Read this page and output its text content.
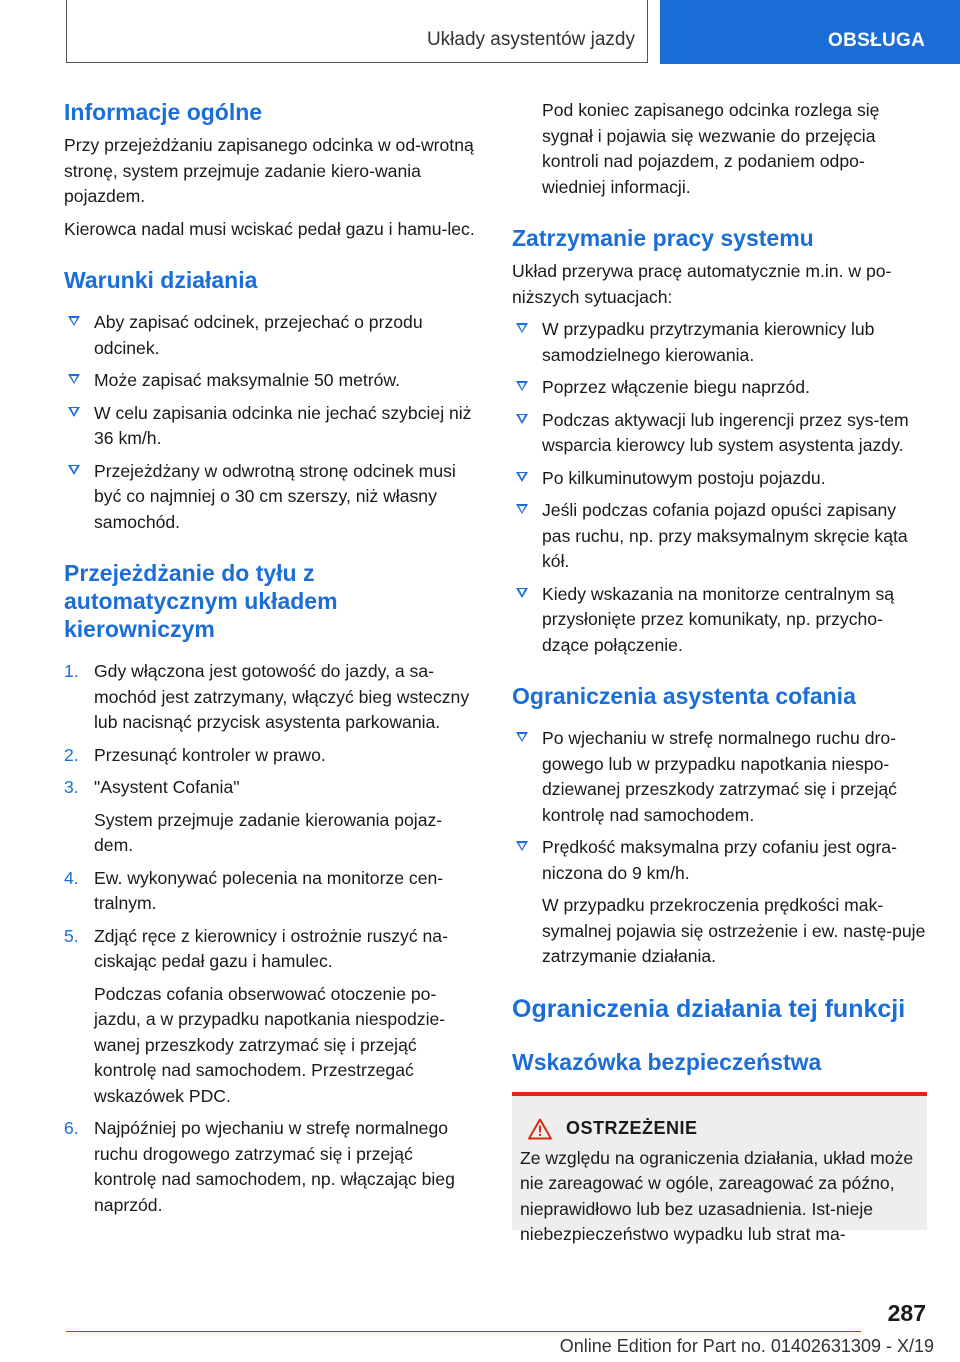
Układy asystentów jazdy	OBSŁUGA
Informacje ogólne

Przy przejeżdżaniu zapisanego odcinka w od-wrotną stronę, system przejmuje zadanie kiero-wania pojazdem.

Kierowca nadal musi wciskać pedał gazu i hamu-lec.

Warunki działania
Aby zapisać odcinek, przejechać o przodu odcinek.
Może zapisać maksymalnie 50 metrów.
W celu zapisania odcinka nie jechać szybciej niż 36 km/h.
Przejeżdżany w odwrotną stronę odcinek musi być co najmniej o 30 cm szerszy, niż własny samochód.
Przejeżdżanie do tyłu z automatycznym układem kierowniczym
1. Gdy włączona jest gotowość do jazdy, a sa-mochód jest zatrzymany, włączyć bieg wsteczny lub nacisnąć przycisk asystenta parkowania.
2. Przesunąć kontroler w prawo.
3. "Asystent Cofania"
System przejmuje zadanie kierowania pojaz-dem.
4. Ew. wykonywać polecenia na monitorze cen-tralnym.
5. Zdjąć ręce z kierownicy i ostrożnie ruszyć na-ciskając pedał gazu i hamulec.
Podczas cofania obserwować otoczenie po-jazdu, a w przypadku napotkania niespodzie-wanej przeszkody zatrzymać się i przejąć kontrolę nad samochodem. Przestrzegać wskazówek PDC.
6. Najpóźniej po wjechaniu w strefę normalnego ruchu drogowego zatrzymać się i przejąć kontrolę nad samochodem, np. włączając bieg naprzód.

Pod koniec zapisanego odcinka rozlega się sygnał i pojawia się wezwanie do przejęcia kontroli nad pojazdem, z podaniem odpo-wiedniej informacji.

Zatrzymanie pracy systemu

Układ przerywa pracę automatycznie m.in. w po-niższych sytuacjach:

W przypadku przytrzymania kierownicy lub samodzielnego kierowania.
Poprzez włączenie biegu naprzód.
Podczas aktywacji lub ingerencji przez sys-tem wsparcia kierowcy lub system asystenta jazdy.
Po kilkuminutowym postoju pojazdu.
Jeśli podczas cofania pojazd opuści zapisany pas ruchu, np. przy maksymalnym skręcie kąta kół.
Kiedy wskazania na monitorze centralnym są przysłonięte przez komunikaty, np. przycho-dzące połączenie.
Ograniczenia asystenta cofania
Po wjechaniu w strefę normalnego ruchu dro-gowego lub w przypadku napotkania niespo-dziewanej przeszkody zatrzymać się i przejąć kontrolę nad samochodem.
Prędkość maksymalna przy cofaniu jest ogra-niczona do 9 km/h.
W przypadku przekroczenia prędkości mak-symalnej pojawia się ostrzeżenie i ew. nastę-puje zatrzymanie działania.
Ograniczenia działania tej funkcji
Wskazówka bezpieczeństwa
OSTRZEŻENIE

Ze względu na ograniczenia działania, układ może nie zareagować w ogóle, zareagować za późno, nieprawidłowo lub bez uzasadnienia. Ist-nieje niebezpieczeństwo wypadku lub strat ma-

287
Online Edition for Part no. 01402631309 - X/19
